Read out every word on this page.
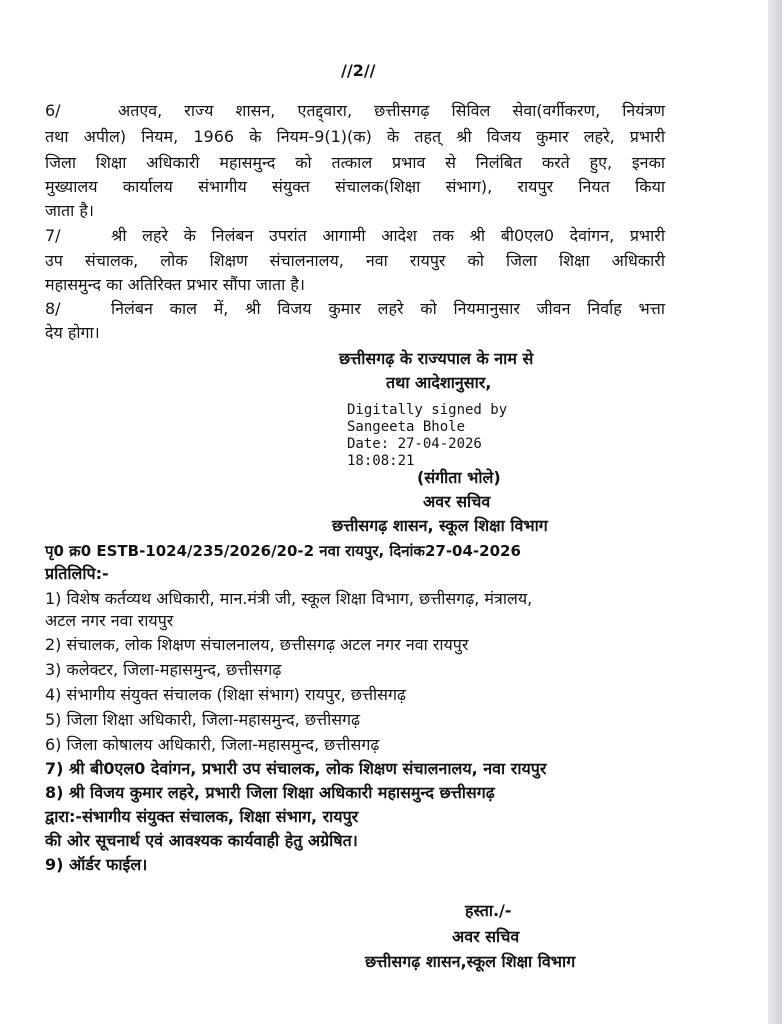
//2//
6/	अतएव, राज्य शासन, एतद्द्वारा, छत्तीसगढ़ सिविल सेवा(वर्गीकरण, नियंत्रण
तथा अपील) नियम, 1966 के नियम-9(1)(क) के तहत् श्री विजय कुमार लहरे, प्रभारी
जिला शिक्षा अधिकारी महासमुन्द को तत्काल प्रभाव से निलंबित करते हुए, इनका
मुख्यालय कार्यालय संभागीय संयुक्त संचालक(शिक्षा संभाग), रायपुर नियत किया
जाता है।
7/	श्री लहरे के निलंबन उपरांत आगामी आदेश तक श्री बी0एल0 देवांगन, प्रभारी
उप संचालक, लोक शिक्षण संचालनालय, नवा रायपुर को जिला शिक्षा अधिकारी
महासमुन्द का अतिरिक्त प्रभार सौंपा जाता है।
8/	निलंबन काल में, श्री विजय कुमार लहरे को नियमानुसार जीवन निर्वाह भत्ता
देय होगा।
छत्तीसगढ़ के राज्यपाल के नाम से
तथा आदेशानुसार,
Digitally signed by
Sangeeta Bhole
Date: 27-04-2026
18:08:21
(संगीता भोले)
अवर सचिव
छत्तीसगढ़ शासन, स्कूल शिक्षा विभाग
पृ0 क्र0 ESTB-1024/235/2026/20-2 नवा रायपुर, दिनांक27-04-2026
प्रतिलिपि:-
1) विशेष कर्तव्यथ अधिकारी, मान.मंत्री जी, स्कूल शिक्षा विभाग, छत्तीसगढ़, मंत्रालय,
अटल नगर नवा रायपुर
2) संचालक, लोक शिक्षण संचालनालय, छत्तीसगढ़ अटल नगर नवा रायपुर
3) कलेक्टर, जिला-महासमुन्द, छत्तीसगढ़
4) संभागीय संयुक्त संचालक (शिक्षा संभाग) रायपुर, छत्तीसगढ़
5) जिला शिक्षा अधिकारी, जिला-महासमुन्द, छत्तीसगढ़
6) जिला कोषालय अधिकारी, जिला-महासमुन्द, छत्तीसगढ़
7) श्री बी0एल0 देवांगन, प्रभारी उप संचालक, लोक शिक्षण संचालनालय, नवा रायपुर
8) श्री विजय कुमार लहरे, प्रभारी जिला शिक्षा अधिकारी महासमुन्द छत्तीसगढ़
द्वारा:-संभागीय संयुक्त संचालक, शिक्षा संभाग, रायपुर
की ओर सूचनार्थ एवं आवश्यक कार्यवाही हेतु अग्रेषित।
9) ऑर्डर फाईल।
हस्ता./-
अवर सचिव
छत्तीसगढ़ शासन,स्कूल शिक्षा विभाग
